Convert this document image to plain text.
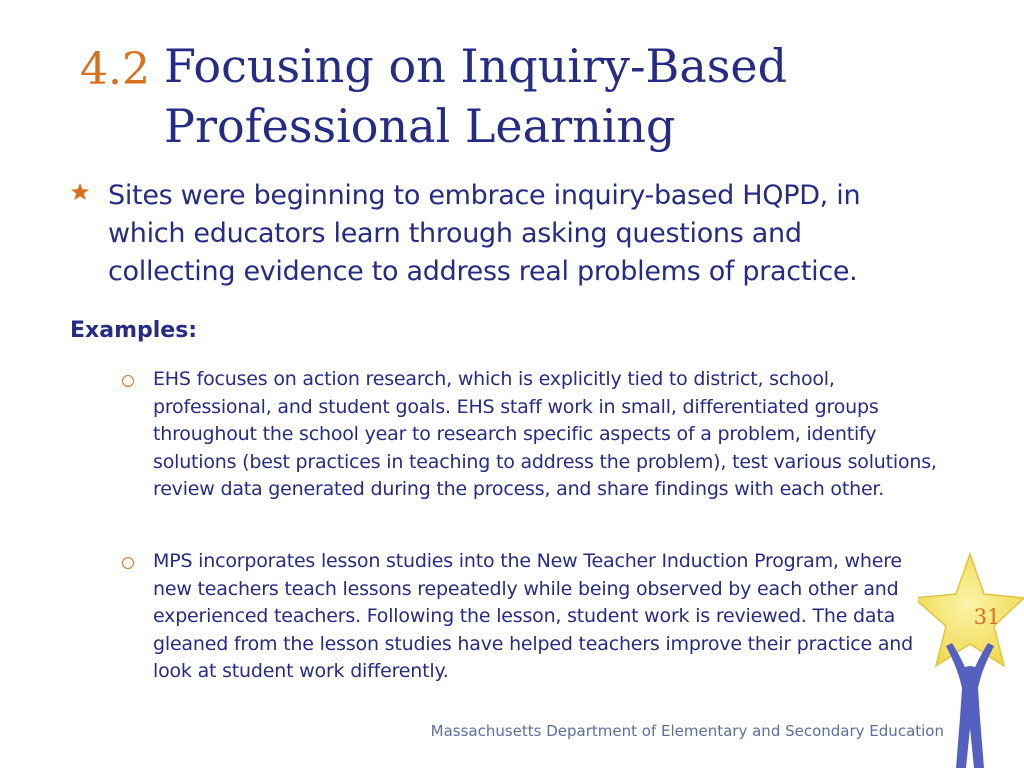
4.2 Focusing on Inquiry-Based Professional Learning
Sites were beginning to embrace inquiry-based HQPD, in which educators learn through asking questions and collecting evidence to address real problems of practice.
Examples:
EHS focuses on action research, which is explicitly tied to district, school, professional, and student goals. EHS staff work in small, differentiated groups throughout the school year to research specific aspects of a problem, identify solutions (best practices in teaching to address the problem), test various solutions, review data generated during the process, and share findings with each other.
MPS incorporates lesson studies into the New Teacher Induction Program, where new teachers teach lessons repeatedly while being observed by each other and experienced teachers. Following the lesson, student work is reviewed. The data gleaned from the lesson studies have helped teachers improve their practice and look at student work differently.
Massachusetts Department of Elementary and Secondary Education
31
